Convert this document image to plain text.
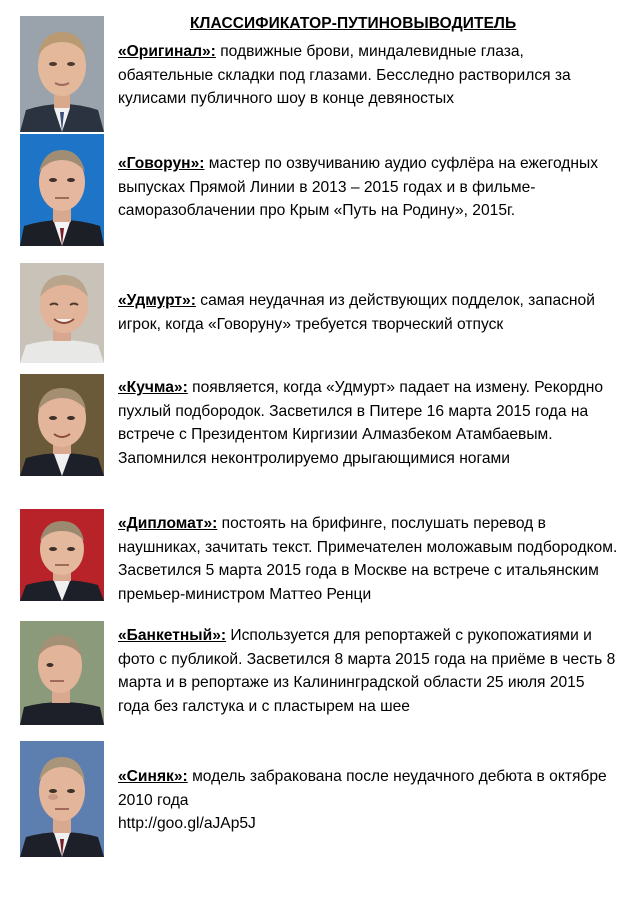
КЛАССИФИКАТОР-ПУТИНОВЫВОДИТЕЛЬ
«Оригинал»: подвижные брови, миндалевидные глаза, обаятельные складки под глазами. Бесследно растворился за кулисами публичного шоу в конце девяностых
«Говорун»: мастер по озвучиванию аудио суфлёра на ежегодных выпусках Прямой Линии в 2013 – 2015 годах и в фильме-саморазоблачении про Крым «Путь на Родину», 2015г.
«Удмурт»: самая неудачная из действующих подделок, запасной игрок, когда «Говоруну» требуется творческий отпуск
«Кучма»: появляется, когда «Удмурт» падает на измену. Рекордно пухлый подбородок. Засветился в Питере 16 марта 2015 года на встрече с Президентом Киргизии Алмазбеком Атамбаевым. Запомнился неконтролируемо дрыгающимися ногами
«Дипломат»: постоять на брифинге, послушать перевод в наушниках, зачитать текст. Примечателен моложавым подбородком. Засветился 5 марта 2015 года в Москве на встрече с итальянским премьер-министром Маттео Ренци
«Банкетный»: Используется для репортажей с рукопожатиями и фото с публикой. Засветился 8 марта 2015 года на приёме в честь 8 марта и в репортаже из Калининградской области 25 июля 2015 года без галстука и с пластырем на шее
«Синяк»: модель забракована после неудачного дебюта в октябре 2010 года
http://goo.gl/aJAp5J
